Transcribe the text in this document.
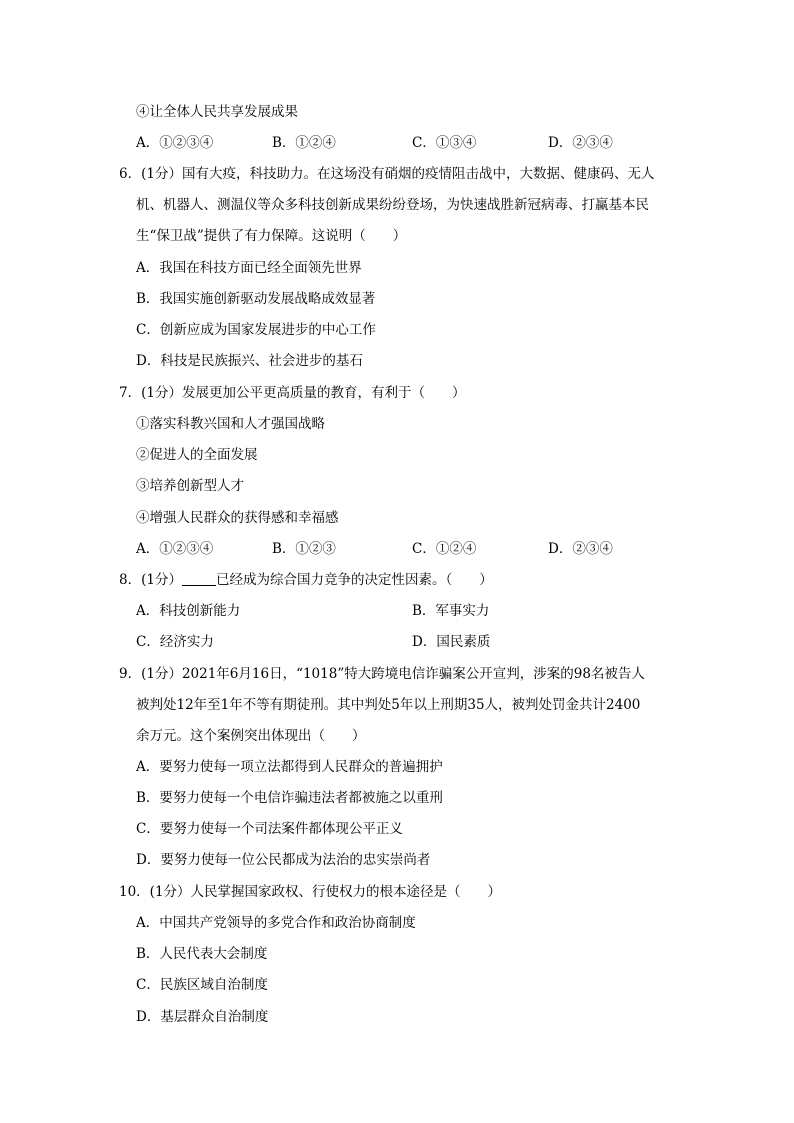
④让全体人民共享发展成果
A．①②③④	B．①②④	C．①③④	D．②③④
6．(1分）国有大疫，科技助力。在这场没有硝烟的疫情阻击战中，大数据、健康码、无人
机、机器人、测温仪等众多科技创新成果纷纷登场，为快速战胜新冠病毒、打赢基本民
生“保卫战”提供了有力保障。这说明（　　）
A．我国在科技方面已经全面领先世界
B．我国实施创新驱动发展战略成效显著
C．创新应成为国家发展进步的中心工作
D．科技是民族振兴、社会进步的基石
7．(1分）发展更加公平更高质量的教育，有利于（　　）
①落实科教兴国和人才强国战略
②促进人的全面发展
③培养创新型人才
④增强人民群众的获得感和幸福感
A．①②③④	B．①②③	C．①②④	D．②③④
8．(1分）	已经成为综合国力竞争的决定性因素。（　　）
A．科技创新能力	B．军事实力
C．经济实力	D．国民素质
9．(1分）2021年6月16日，“1018”特大跨境电信诈骗案公开宣判，涉案的98名被告人
被判处12年至1年不等有期徒刑。其中判处5年以上刑期35人，被判处罚金共计2400
余万元。这个案例突出体现出（　　）
A．要努力使每一项立法都得到人民群众的普遍拥护
B．要努力使每一个电信诈骗违法者都被施之以重刑
C．要努力使每一个司法案件都体现公平正义
D．要努力使每一位公民都成为法治的忠实崇尚者
10．(1分）人民掌握国家政权、行使权力的根本途径是（　　）
A．中国共产党领导的多党合作和政治协商制度
B．人民代表大会制度
C．民族区域自治制度
D．基层群众自治制度
